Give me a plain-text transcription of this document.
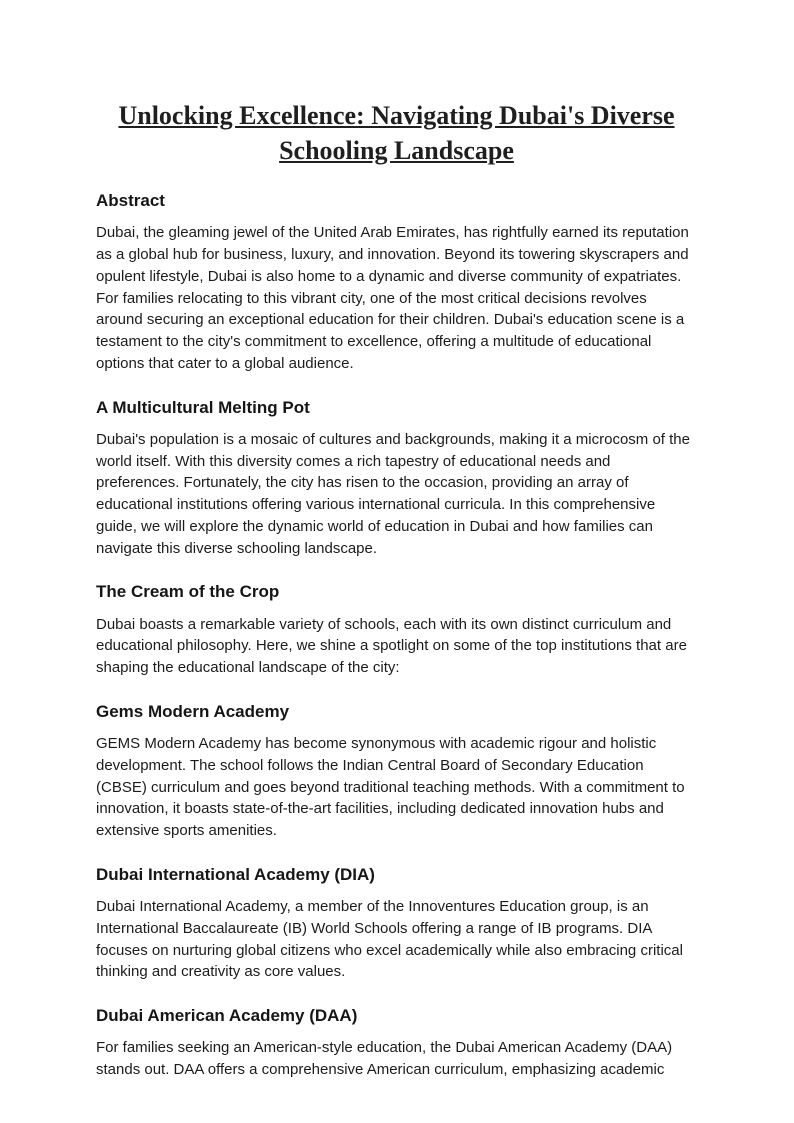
Unlocking Excellence: Navigating Dubai's Diverse Schooling Landscape
Abstract

Dubai, the gleaming jewel of the United Arab Emirates, has rightfully earned its reputation as a global hub for business, luxury, and innovation. Beyond its towering skyscrapers and opulent lifestyle, Dubai is also home to a dynamic and diverse community of expatriates. For families relocating to this vibrant city, one of the most critical decisions revolves around securing an exceptional education for their children. Dubai's education scene is a testament to the city's commitment to excellence, offering a multitude of educational options that cater to a global audience.

A Multicultural Melting Pot

Dubai's population is a mosaic of cultures and backgrounds, making it a microcosm of the world itself. With this diversity comes a rich tapestry of educational needs and preferences. Fortunately, the city has risen to the occasion, providing an array of educational institutions offering various international curricula. In this comprehensive guide, we will explore the dynamic world of education in Dubai and how families can navigate this diverse schooling landscape.

The Cream of the Crop

Dubai boasts a remarkable variety of schools, each with its own distinct curriculum and educational philosophy. Here, we shine a spotlight on some of the top institutions that are shaping the educational landscape of the city:

Gems Modern Academy

GEMS Modern Academy has become synonymous with academic rigour and holistic development. The school follows the Indian Central Board of Secondary Education (CBSE) curriculum and goes beyond traditional teaching methods. With a commitment to innovation, it boasts state-of-the-art facilities, including dedicated innovation hubs and extensive sports amenities.

Dubai International Academy (DIA)

Dubai International Academy, a member of the Innoventures Education group, is an International Baccalaureate (IB) World Schools offering a range of IB programs. DIA focuses on nurturing global citizens who excel academically while also embracing critical thinking and creativity as core values.

Dubai American Academy (DAA)

For families seeking an American-style education, the Dubai American Academy (DAA) stands out. DAA offers a comprehensive American curriculum, emphasizing academic
